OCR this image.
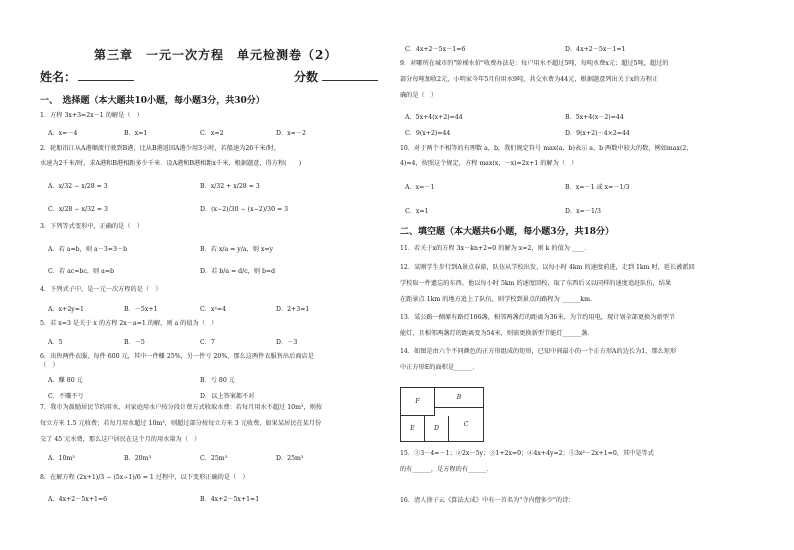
第三章　一元一次方程　单元检测卷（2）
姓名：	分数
一、　选择题（本大题共10小题，每小题3分，共30分）
1．方程 3x+3=2x－1 的解是（　）
A．x=－4	B．x=1	C．x=2	D．x=－2
2．轮船沿江从A港顺流行驶到B港，比从B港返回A港少用3小时，若船速为26千米/时，
水速为2千米/时，求A港和B港相距多少千米．设A港和B港相距x千米，根据题意，得方程(　　)
A．x/32 − x/28 = 3	B．x/32 + x/28 = 3
C．x/28 − x/32 = 3	D．(x−2)/30 − (x−2)/30 = 3
3．下列等式变形中，正确的是（　）
A．若 a=b，则 a－3=3－b	B．若 x/a = y/a，则 x=y
C．若 ac=bc，则 a=b	D．若 b/a = d/c，则 b=d
4．下列式子中，是一元一次方程的是（　）
A．x+2y=1	B．－5x+1	C．x²=4	D．2+3=1
5．若 x=3 是关于 x 的方程 2x－a=1 的解，则 a 的值为（　）
A．5	B．－5	C．7	D．－3
6．出售两件衣服，每件 600 元，其中一件赚 25%，另一件亏 20%，那么这两件衣服售出后商店是
（　）
A．赚 80 元	B．亏 80 元
C．不赚不亏	D．以上答案都不对
7．我市为鼓励居民节约用水，对家庭用水户按分段计费方式收取水费：若每月用水不超过 10m³，则按
每立方米 1.5 元收费；若每月用水超过 10m³，则超过部分按每立方米 3 元收费，如果某居民在某月份
交了 45 元水费，那么这户居民在这个月的用水量为（　）
A．10m³	B．20m³	C．25m³	D．25m³
8．在解方程 (2x+1)/3 − (5x−1)/6 = 1 过程中，以下变形正确的是（　）
A．4x+2－5x+1=6	B．4x+2－5x+1=1
C．4x+2－5x－1=6	D．4x+2－5x－1=1
9．对哪所在城市的"阶梯水价"收费办法是：每户用水不超过5吨，每吨水费x元；超过5吨，超过的
部分每吨加收2元，小明家今年5月份用水9吨，共交水费为44元，根据题意列出关于x的方程正
确的是（　）
A．5x+4(x+2)=44	B．5x+4(x－2)=44
C．9(x+2)=44	D．9(x+2)－4×2=44
10．对于两个不相等的有理数 a，b，我们规定符号 max(a，b)表示 a，b 两数中较大的数，例如max(2，
4)=4，按照这个规定，方程 max(x，－x)=2x+1 的解为（　）
A．x=－1	B．x=－1 或 x=－1/3
C．x=1	D．x=－1/3
二、填空题（本大题共6小题，每小题3分，共18分）
11．若关于x的方程 3x－kn+2=0 的解为 x=2，则 k 的值为 ____．
12．某刚学生步行到A景点春游，队伍从学校出发，以每小时 4km 的速度前进，走到 1km 时，延长被派回
学校取一件遗忘的东西，他以每小时 5km 的速度回校，取了东西后又以同样的速度追赶队伍，结果
在距景点 1km 的地方追上了队伍，则学校到景点的路程为 ______km.
13．某公路一侧原有路灯106盏，相邻两盏灯的距离为36米，为节约用电，现计划全部更换为新型节
能灯，且相邻两盏灯的距离变为54米，则需更换新型节能灯______盏．
14．如图是由六个不同颜色的正方形组成的矩形，已知中间最小的一个正方形A的边长为1，那么矩形
中正方形E的面积是______．
F
B
E	D
C
15．①3－4=－1；②2x－5y；③1+2x=0；④4x+4y=2；⑤3x²－2x+1=0，其中是等式
的有______，是方程的有______．
16．清人徐子云《算法大成》中有一首名为"寺内僧多少"的诗：
